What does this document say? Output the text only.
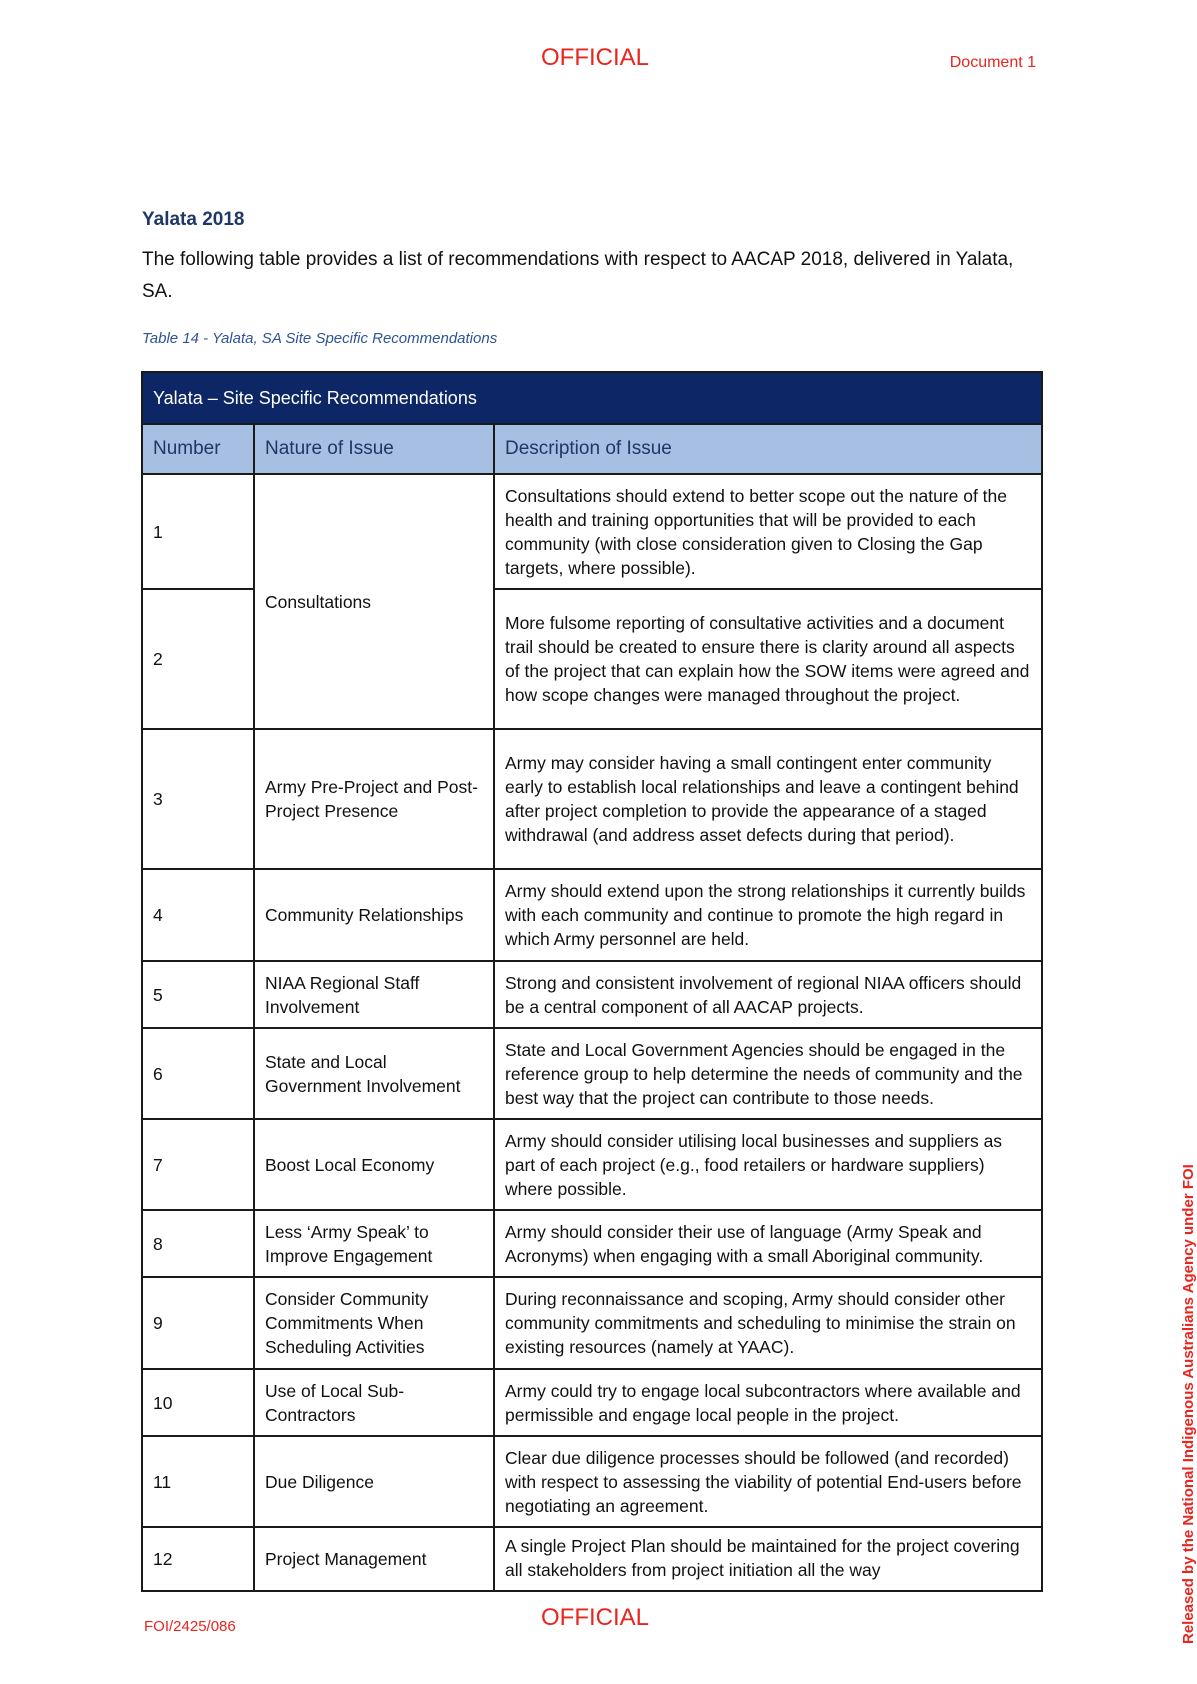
OFFICIAL	Document 1
Yalata 2018
The following table provides a list of recommendations with respect to AACAP 2018, delivered in Yalata, SA.
Table 14 - Yalata, SA Site Specific Recommendations
Yalata – Site Specific Recommendations		
Number	Nature of Issue	Description of Issue
1	Consultations	Consultations should extend to better scope out the nature of the health and training opportunities that will be provided to each community (with close consideration given to Closing the Gap targets, where possible).
2		More fulsome reporting of consultative activities and a document trail should be created to ensure there is clarity around all aspects of the project that can explain how the SOW items were agreed and how scope changes were managed throughout the project.
3	Army Pre-Project and Post-Project Presence	Army may consider having a small contingent enter community early to establish local relationships and leave a contingent behind after project completion to provide the appearance of a staged withdrawal (and address asset defects during that period).
4	Community Relationships	Army should extend upon the strong relationships it currently builds with each community and continue to promote the high regard in which Army personnel are held.
5	NIAA Regional Staff Involvement	Strong and consistent involvement of regional NIAA officers should be a central component of all AACAP projects.
6	State and Local Government Involvement	State and Local Government Agencies should be engaged in the reference group to help determine the needs of community and the best way that the project can contribute to those needs.
7	Boost Local Economy	Army should consider utilising local businesses and suppliers as part of each project (e.g., food retailers or hardware suppliers) where possible.
8	Less ‘Army Speak’ to Improve Engagement	Army should consider their use of language (Army Speak and Acronyms) when engaging with a small Aboriginal community.
9	Consider Community Commitments When Scheduling Activities	During reconnaissance and scoping, Army should consider other community commitments and scheduling to minimise the strain on existing resources (namely at YAAC).
10	Use of Local Sub-Contractors	Army could try to engage local subcontractors where available and permissible and engage local people in the project.
11	Due Diligence	Clear due diligence processes should be followed (and recorded) with respect to assessing the viability of potential End-users before negotiating an agreement.
12	Project Management	A single Project Plan should be maintained for the project covering all stakeholders from project initiation all the way
OFFICIAL
FOI/2425/086	Released by the National Indigenous Australians Agency under FOI
